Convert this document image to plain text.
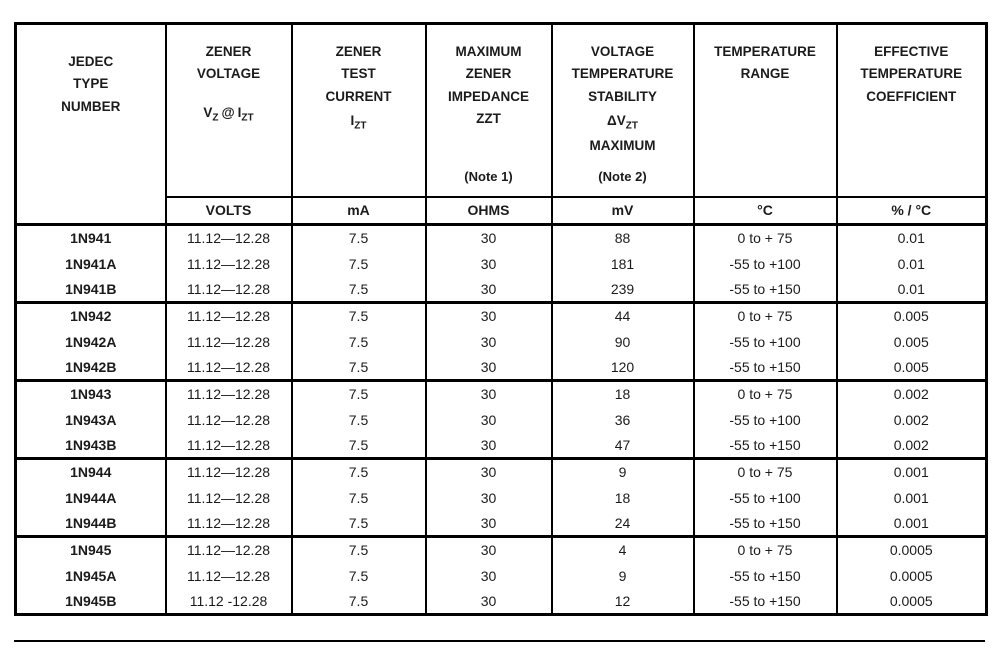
JEDEC
TYPE
NUMBER

ZENER
VOLTAGE
$V_Z$ @ $I_{ZT}$

ZENER
TEST
CURRENT
$I_{ZT}$

MAXIMUM
ZENER
IMPEDANCE
ZZT
(Note 1)

VOLTAGE
TEMPERATURE
STABILITY
$\Delta V_{ZT}$
MAXIMUM
(Note 2)

TEMPERATURE
RANGE

EFFECTIVE
TEMPERATURE
COEFFICIENT

	VOLTS	mA	OHMS	mV	°C	% / °C
1N941	11.12—12.28	7.5	30	88	0 to + 75	0.01
1N941A	11.12—12.28	7.5	30	181	-55 to +100	0.01
1N941B	11.12—12.28	7.5	30	239	-55 to +150	0.01
1N942	11.12—12.28	7.5	30	44	0 to + 75	0.005
1N942A	11.12—12.28	7.5	30	90	-55 to +100	0.005
1N942B	11.12—12.28	7.5	30	120	-55 to +150	0.005
1N943	11.12—12.28	7.5	30	18	0 to + 75	0.002
1N943A	11.12—12.28	7.5	30	36	-55 to +100	0.002
1N943B	11.12—12.28	7.5	30	47	-55 to +150	0.002
1N944	11.12—12.28	7.5	30	9	0 to + 75	0.001
1N944A	11.12—12.28	7.5	30	18	-55 to +100	0.001
1N944B	11.12—12.28	7.5	30	24	-55 to +150	0.001
1N945	11.12—12.28	7.5	30	4	0 to + 75	0.0005
1N945A	11.12—12.28	7.5	30	9	-55 to +150	0.0005
1N945B	11.12 -12.28	7.5	30	12	-55 to +150	0.0005
